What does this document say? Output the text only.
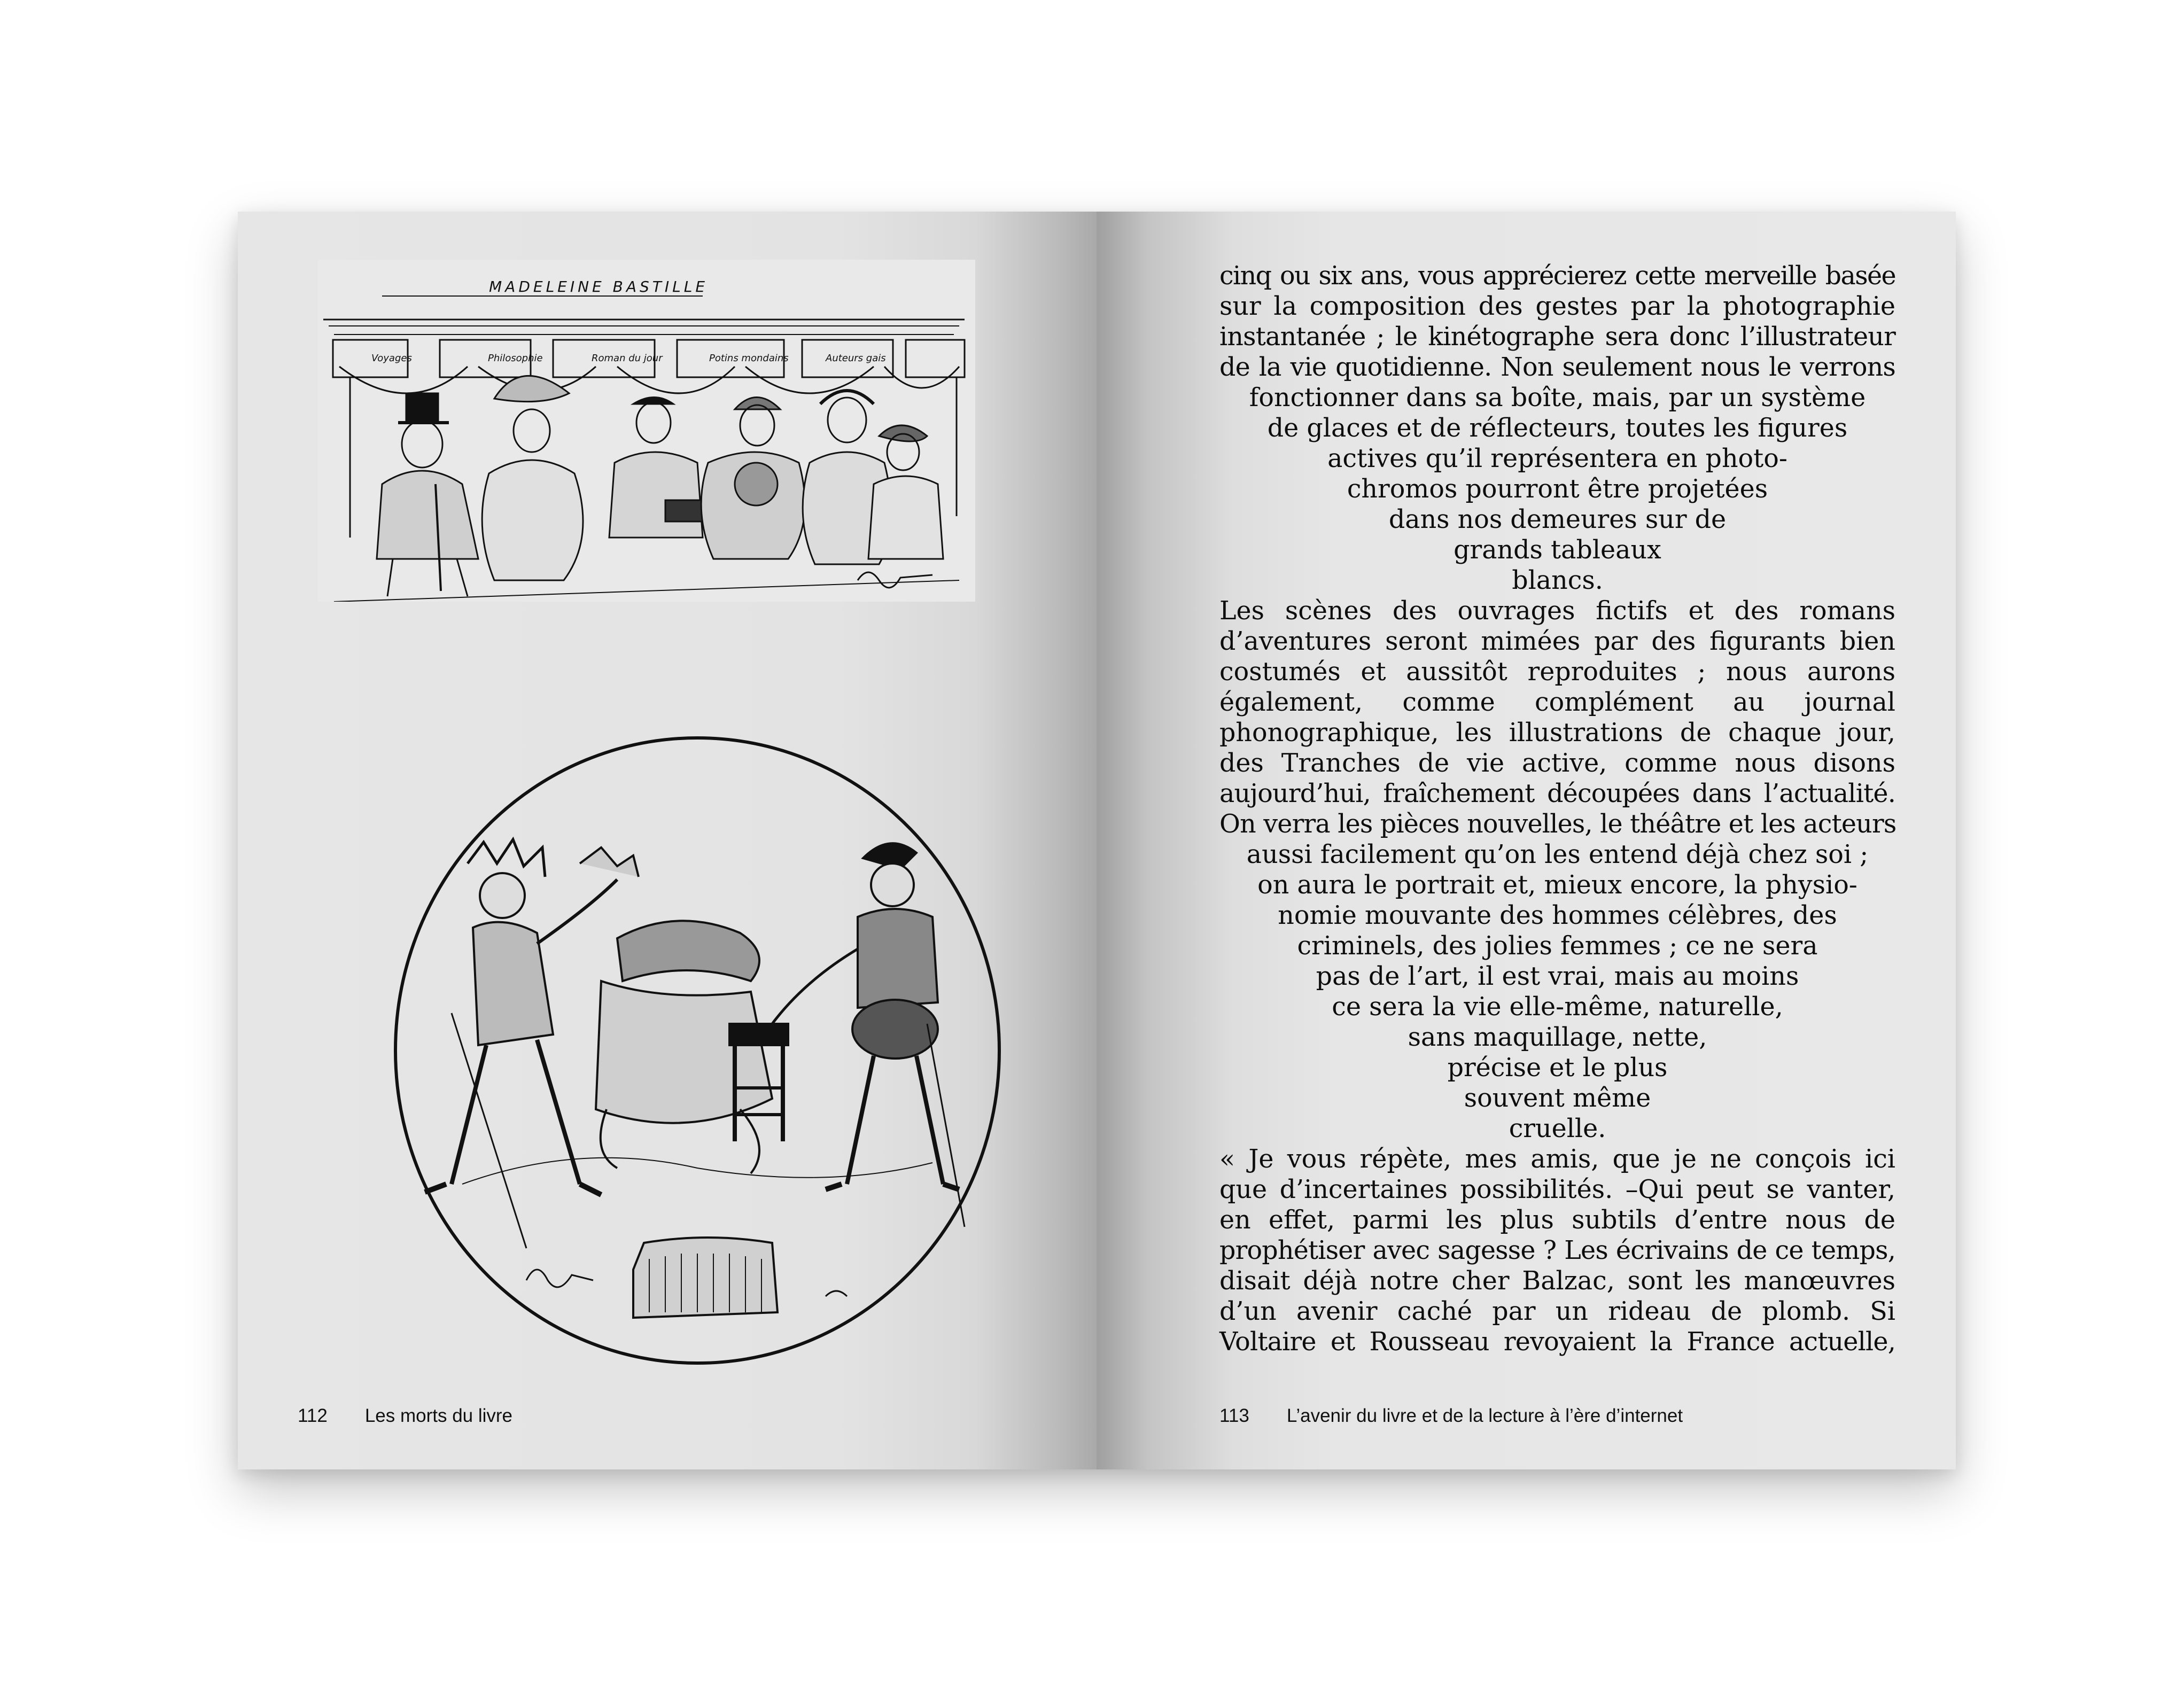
MADELEINE BASTILLE
Voyages	Philosophie	Roman du jour	Potins mondains	Auteurs gais
112 Les morts du livre
cinq ou six ans, vous apprécierez cette merveille basée
sur la composition des gestes par la photographie
instantanée ; le kinétographe sera donc l’illustrateur
de la vie quotidienne. Non seulement nous le verrons
fonctionner dans sa boîte, mais, par un système
de glaces et de réflecteurs, toutes les figures
actives qu’il représentera en photo-
chromos pourront être projetées
dans nos demeures sur de
grands tableaux
blancs.
Les scènes des ouvrages fictifs et des romans
d’aventures seront mimées par des figurants bien
costumés et aussitôt reproduites ; nous aurons
également, comme complément au journal
phonographique, les illustrations de chaque jour,
des Tranches de vie active, comme nous disons
aujourd’hui, fraîchement découpées dans l’actualité.
On verra les pièces nouvelles, le théâtre et les acteurs
aussi facilement qu’on les entend déjà chez soi ;
on aura le portrait et, mieux encore, la physio-
nomie mouvante des hommes célèbres, des
criminels, des jolies femmes ; ce ne sera
pas de l’art, il est vrai, mais au moins
ce sera la vie elle-même, naturelle,
sans maquillage, nette,
précise et le plus
souvent même
cruelle.
« Je vous répète, mes amis, que je ne conçois ici
que d’incertaines possibilités. –Qui peut se vanter,
en effet, parmi les plus subtils d’entre nous de
prophétiser avec sagesse ? Les écrivains de ce temps,
disait déjà notre cher Balzac, sont les manœuvres
d’un avenir caché par un rideau de plomb. Si
Voltaire et Rousseau revoyaient la France actuelle,
113 L’avenir du livre et de la lecture à l’ère d’internet
